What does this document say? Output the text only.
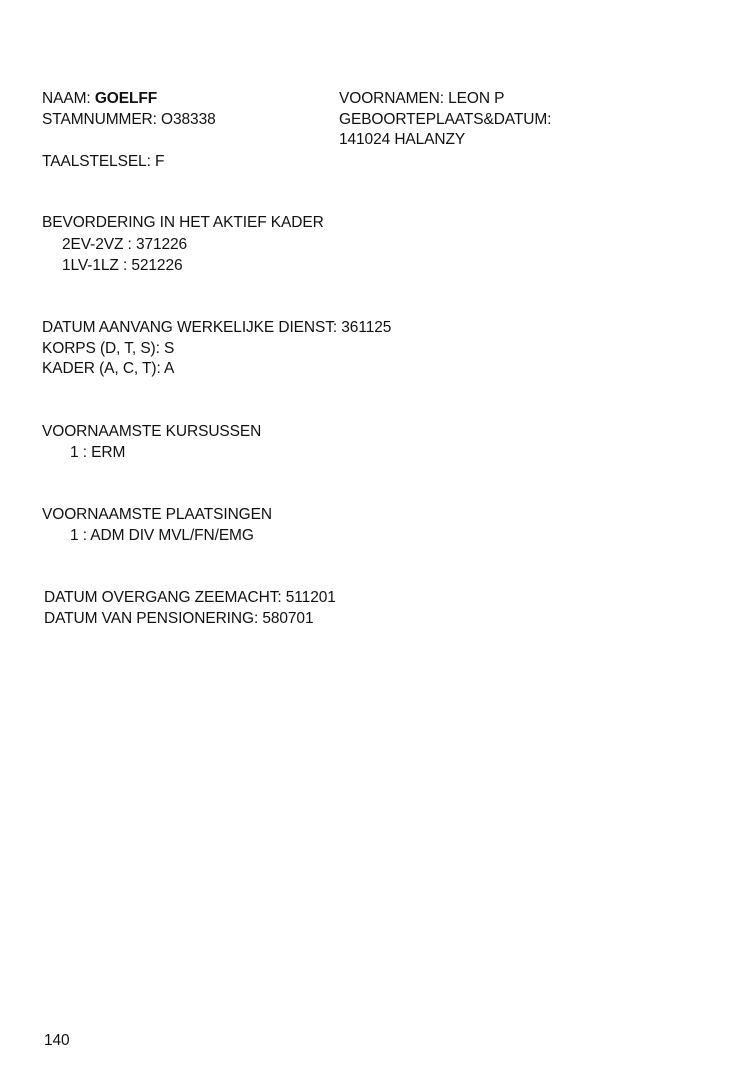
NAAM: GOELFF
STAMNUMMER: O38338
VOORNAMEN: LEON P
GEBOORTEPLAATS&DATUM:
141024 HALANZY
TAALSTELSEL: F
BEVORDERING IN HET AKTIEF KADER
2EV-2VZ : 371226
1LV-1LZ : 521226
DATUM AANVANG WERKELIJKE DIENST: 361125
KORPS (D, T, S): S
KADER (A, C, T): A
VOORNAAMSTE KURSUSSEN
1 : ERM
VOORNAAMSTE PLAATSINGEN
1 : ADM DIV MVL/FN/EMG
DATUM OVERGANG ZEEMACHT: 511201
DATUM VAN PENSIONERING: 580701
140
